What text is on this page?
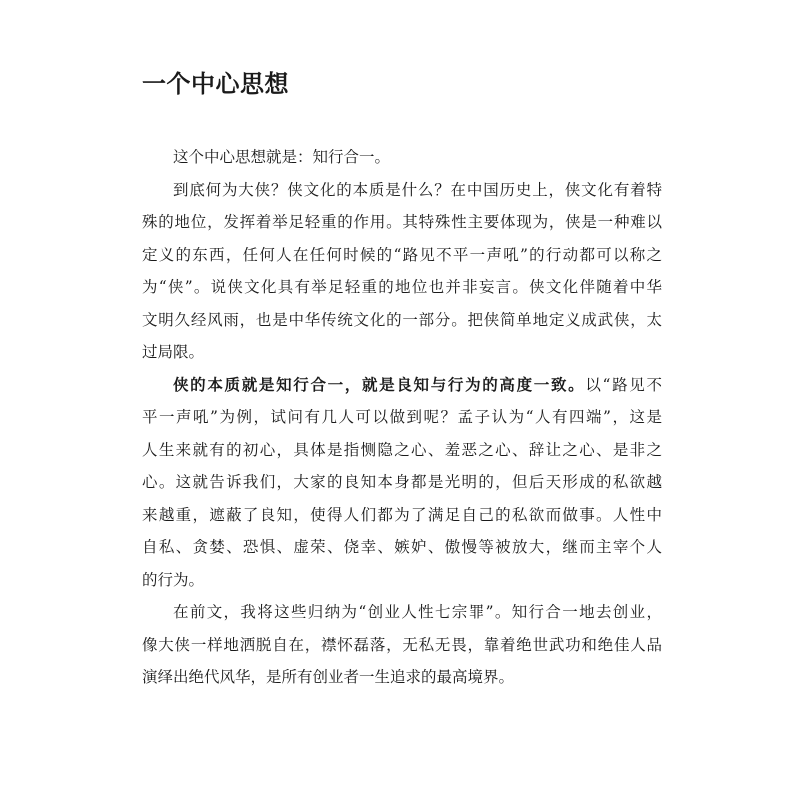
一个中心思想

这个中心思想就是：知行合一。

到底何为大侠？侠文化的本质是什么？在中国历史上，侠文化有着特
殊的地位，发挥着举足轻重的作用。其特殊性主要体现为，侠是一种难以
定义的东西，任何人在任何时候的“路见不平一声吼”的行动都可以称之
为“侠”。说侠文化具有举足轻重的地位也并非妄言。侠文化伴随着中华
文明久经风雨，也是中华传统文化的一部分。把侠简单地定义成武侠，太
过局限。

侠的本质就是知行合一，就是良知与行为的高度一致。以“路见不
平一声吼”为例，试问有几人可以做到呢？孟子认为“人有四端”，这是
人生来就有的初心，具体是指恻隐之心、羞恶之心、辞让之心、是非之
心。这就告诉我们，大家的良知本身都是光明的，但后天形成的私欲越
来越重，遮蔽了良知，使得人们都为了满足自己的私欲而做事。人性中
自私、贪婪、恐惧、虚荣、侥幸、嫉妒、傲慢等被放大，继而主宰个人
的行为。

在前文，我将这些归纳为“创业人性七宗罪”。知行合一地去创业，
像大侠一样地洒脱自在，襟怀磊落，无私无畏，靠着绝世武功和绝佳人品
演绎出绝代风华，是所有创业者一生追求的最高境界。
